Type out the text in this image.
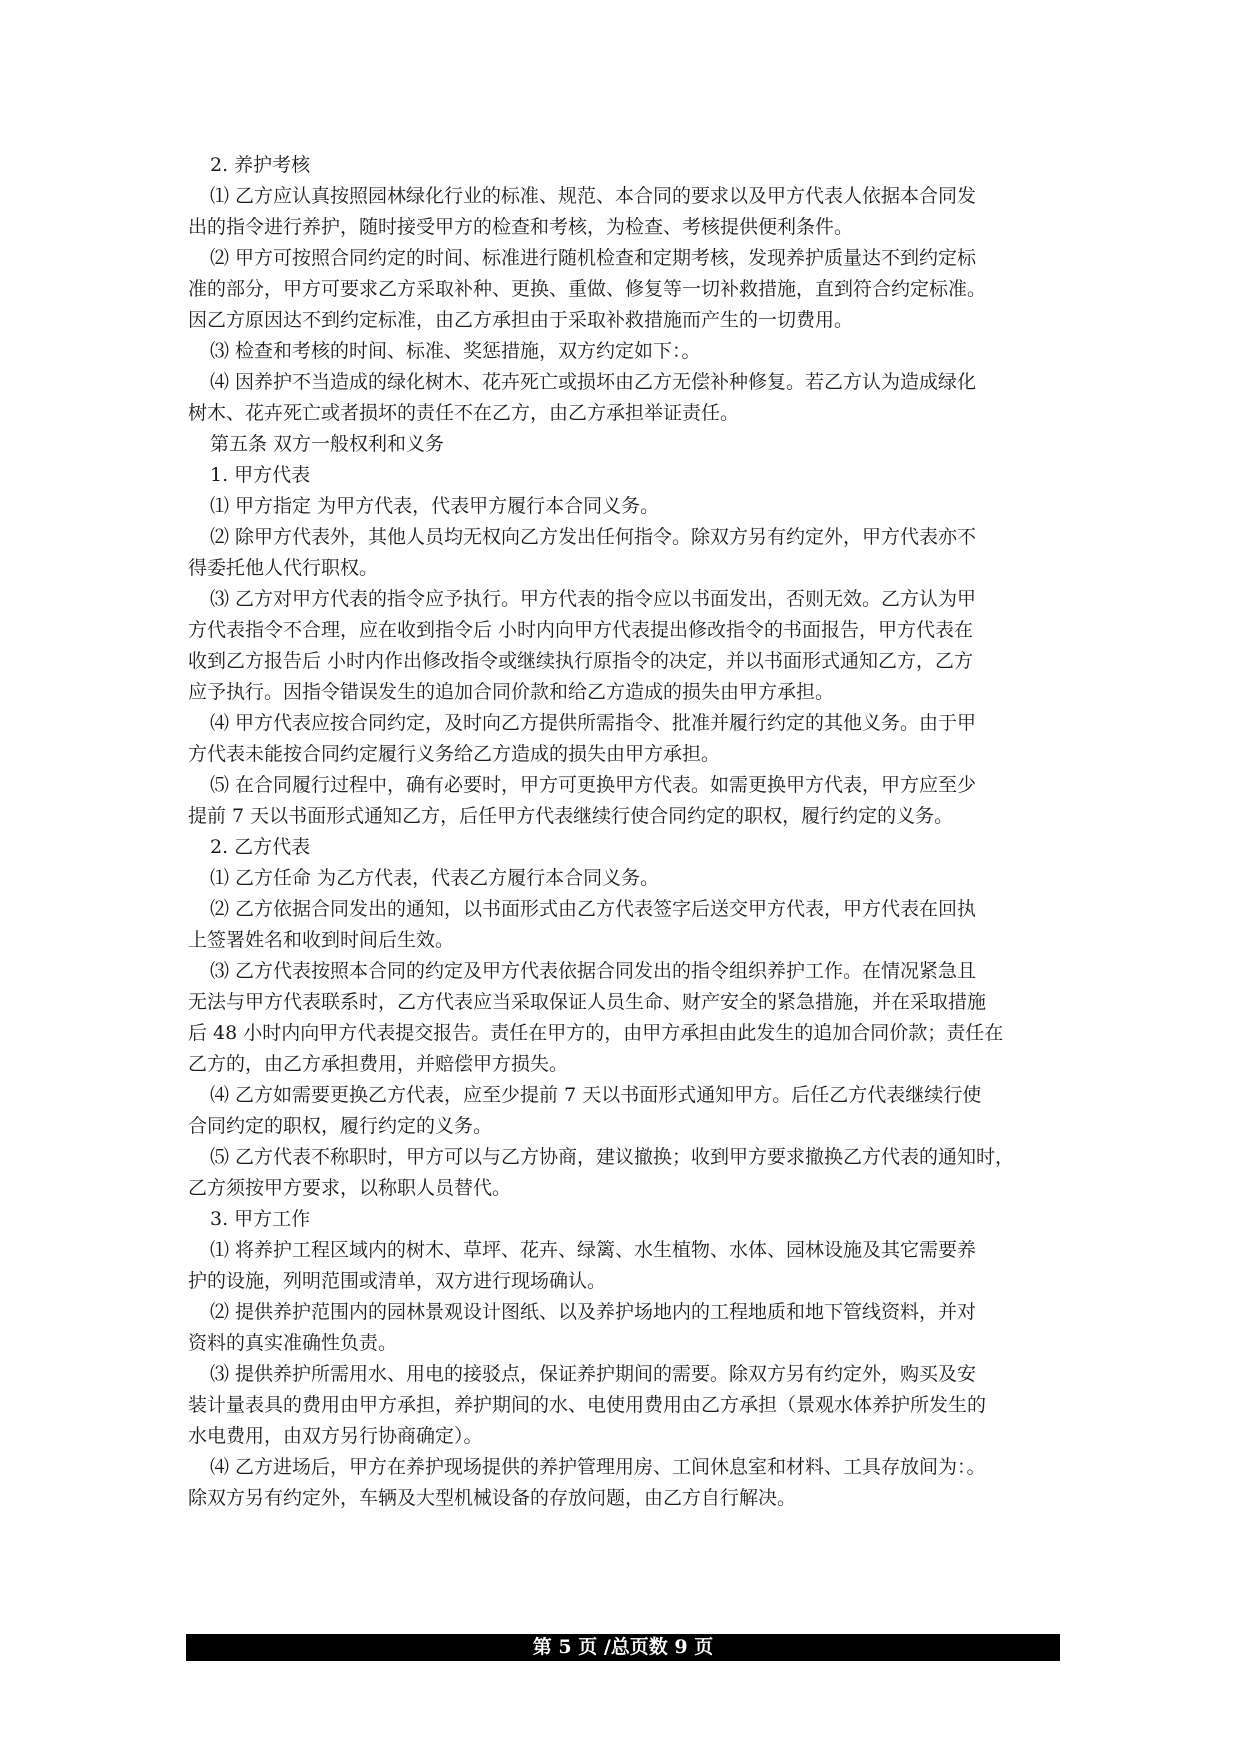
2. 养护考核
⑴ 乙方应认真按照园林绿化行业的标准、规范、本合同的要求以及甲方代表人依据本合同发
出的指令进行养护，随时接受甲方的检查和考核，为检查、考核提供便利条件。
⑵ 甲方可按照合同约定的时间、标准进行随机检查和定期考核，发现养护质量达不到约定标
准的部分，甲方可要求乙方采取补种、更换、重做、修复等一切补救措施，直到符合约定标准。
因乙方原因达不到约定标准，由乙方承担由于采取补救措施而产生的一切费用。
⑶ 检查和考核的时间、标准、奖惩措施，双方约定如下：。
⑷ 因养护不当造成的绿化树木、花卉死亡或损坏由乙方无偿补种修复。若乙方认为造成绿化
树木、花卉死亡或者损坏的责任不在乙方，由乙方承担举证责任。
第五条 双方一般权利和义务
1. 甲方代表
⑴ 甲方指定 为甲方代表，代表甲方履行本合同义务。
⑵ 除甲方代表外，其他人员均无权向乙方发出任何指令。除双方另有约定外，甲方代表亦不
得委托他人代行职权。
⑶ 乙方对甲方代表的指令应予执行。甲方代表的指令应以书面发出，否则无效。乙方认为甲
方代表指令不合理，应在收到指令后 小时内向甲方代表提出修改指令的书面报告，甲方代表在
收到乙方报告后 小时内作出修改指令或继续执行原指令的决定，并以书面形式通知乙方，乙方
应予执行。因指令错误发生的追加合同价款和给乙方造成的损失由甲方承担。
⑷ 甲方代表应按合同约定，及时向乙方提供所需指令、批准并履行约定的其他义务。由于甲
方代表未能按合同约定履行义务给乙方造成的损失由甲方承担。
⑸ 在合同履行过程中，确有必要时，甲方可更换甲方代表。如需更换甲方代表，甲方应至少
提前 7 天以书面形式通知乙方，后任甲方代表继续行使合同约定的职权，履行约定的义务。
2. 乙方代表
⑴ 乙方任命 为乙方代表，代表乙方履行本合同义务。
⑵ 乙方依据合同发出的通知，以书面形式由乙方代表签字后送交甲方代表，甲方代表在回执
上签署姓名和收到时间后生效。
⑶ 乙方代表按照本合同的约定及甲方代表依据合同发出的指令组织养护工作。在情况紧急且
无法与甲方代表联系时，乙方代表应当采取保证人员生命、财产安全的紧急措施，并在采取措施
后 48 小时内向甲方代表提交报告。责任在甲方的，由甲方承担由此发生的追加合同价款；责任在
乙方的，由乙方承担费用，并赔偿甲方损失。
⑷ 乙方如需要更换乙方代表，应至少提前 7 天以书面形式通知甲方。后任乙方代表继续行使
合同约定的职权，履行约定的义务。
⑸ 乙方代表不称职时，甲方可以与乙方协商，建议撤换；收到甲方要求撤换乙方代表的通知时，
乙方须按甲方要求，以称职人员替代。
3. 甲方工作
⑴ 将养护工程区域内的树木、草坪、花卉、绿篱、水生植物、水体、园林设施及其它需要养
护的设施，列明范围或清单，双方进行现场确认。
⑵ 提供养护范围内的园林景观设计图纸、以及养护场地内的工程地质和地下管线资料，并对
资料的真实准确性负责。
⑶ 提供养护所需用水、用电的接驳点，保证养护期间的需要。除双方另有约定外，购买及安
装计量表具的费用由甲方承担，养护期间的水、电使用费用由乙方承担（景观水体养护所发生的
水电费用，由双方另行协商确定）。
⑷ 乙方进场后，甲方在养护现场提供的养护管理用房、工间休息室和材料、工具存放间为：。
除双方另有约定外，车辆及大型机械设备的存放问题，由乙方自行解决。
第 5 页 /总页数 9 页
